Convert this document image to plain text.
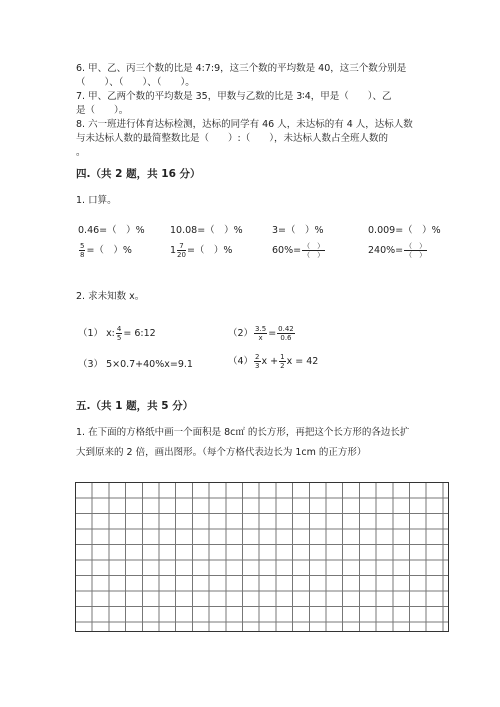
6. 甲、乙、丙三个数的比是 4:7:9，这三个数的平均数是 40，这三个数分别是
（　　）、（　　）、（　　）。
7. 甲、乙两个数的平均数是 35，甲数与乙数的比是 3∶4，甲是（　　）、乙
是（　　）。
8. 六一班进行体育达标检测，达标的同学有 46 人，未达标的有 4 人，达标人数
与未达标人数的最简整数比是（　　）:（　　），未达标人数占全班人数的
。
四.（共 2 题，共 16 分）
1. 口算。
0.46=（　）%	10.08=（　）%	3=（　）%	0.009=（　）%
$\frac{5}{8}$ =（　）%	$1 \frac{7}{20}$ =（　）%	$60\%= \frac{( )}{( )}$	$240\%= \frac{( )}{( )}$
2. 求未知数 x。
（1） x: $\frac{4}{5}$ = 6:12	$(2) \frac{3.5}{x} = \frac{0.42}{0.6}$
（3） 5×0.7+40%x=9.1	$(4) \frac{2}{3}$ $x + \frac{1}{2}$ x = 42
五.（共 1 题，共 5 分）
1. 在下面的方格纸中画一个面积是 8c㎡ 的长方形，再把这个长方形的各边长扩
大到原来的 2 倍，画出图形。（每个方格代表边长为 1cm 的正方形）
